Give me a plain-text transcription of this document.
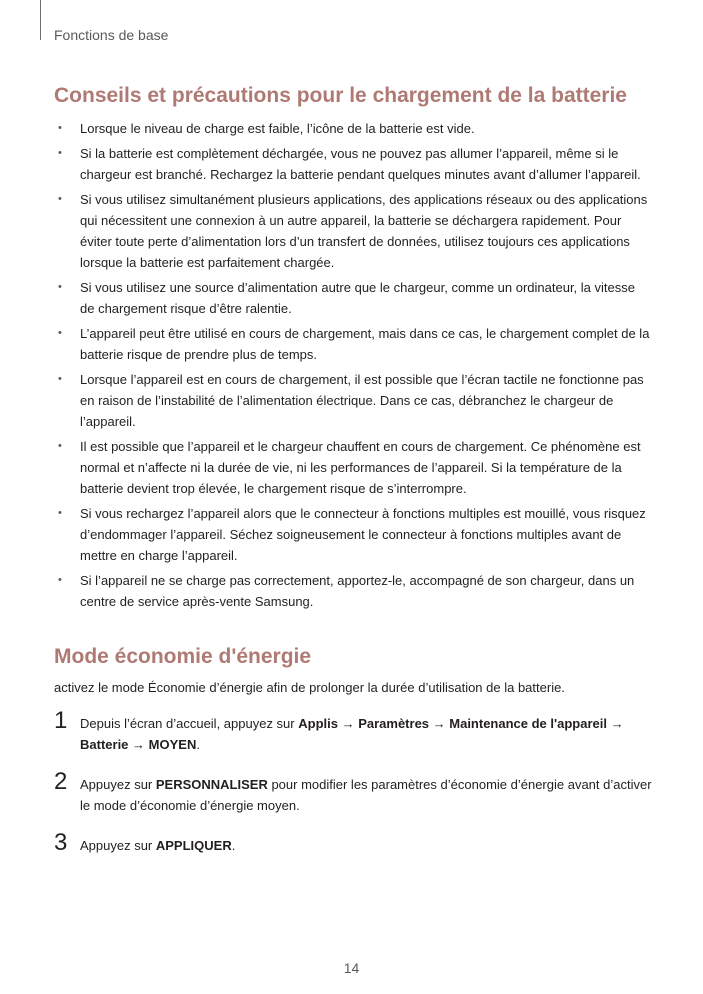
Fonctions de base
Conseils et précautions pour le chargement de la batterie
• Lorsque le niveau de charge est faible, l’icône de la batterie est vide.
• Si la batterie est complètement déchargée, vous ne pouvez pas allumer l’appareil, même si le chargeur est branché. Rechargez la batterie pendant quelques minutes avant d’allumer l’appareil.
• Si vous utilisez simultanément plusieurs applications, des applications réseaux ou des applications qui nécessitent une connexion à un autre appareil, la batterie se déchargera rapidement. Pour éviter toute perte d’alimentation lors d’un transfert de données, utilisez toujours ces applications lorsque la batterie est parfaitement chargée.
• Si vous utilisez une source d’alimentation autre que le chargeur, comme un ordinateur, la vitesse de chargement risque d’être ralentie.
• L’appareil peut être utilisé en cours de chargement, mais dans ce cas, le chargement complet de la batterie risque de prendre plus de temps.
• Lorsque l’appareil est en cours de chargement, il est possible que l’écran tactile ne fonctionne pas en raison de l’instabilité de l’alimentation électrique. Dans ce cas, débranchez le chargeur de l’appareil.
• Il est possible que l’appareil et le chargeur chauffent en cours de chargement. Ce phénomène est normal et n’affecte ni la durée de vie, ni les performances de l’appareil. Si la température de la batterie devient trop élevée, le chargement risque de s’interrompre.
• Si vous rechargez l’appareil alors que le connecteur à fonctions multiples est mouillé, vous risquez d’endommager l’appareil. Séchez soigneusement le connecteur à fonctions multiples avant de mettre en charge l’appareil.
• Si l’appareil ne se charge pas correctement, apportez-le, accompagné de son chargeur, dans un centre de service après-vente Samsung.
Mode économie d'énergie

activez le mode Économie d’énergie afin de prolonger la durée d’utilisation de la batterie.

1 Depuis l’écran d’accueil, appuyez sur Applis → Paramètres → Maintenance de l'appareil →
Batterie → MOYEN.
2 Appuyez sur PERSONNALISER pour modifier les paramètres d’économie d’énergie avant d’activer le mode d’économie d’énergie moyen.
3 Appuyez sur APPLIQUER.
14
